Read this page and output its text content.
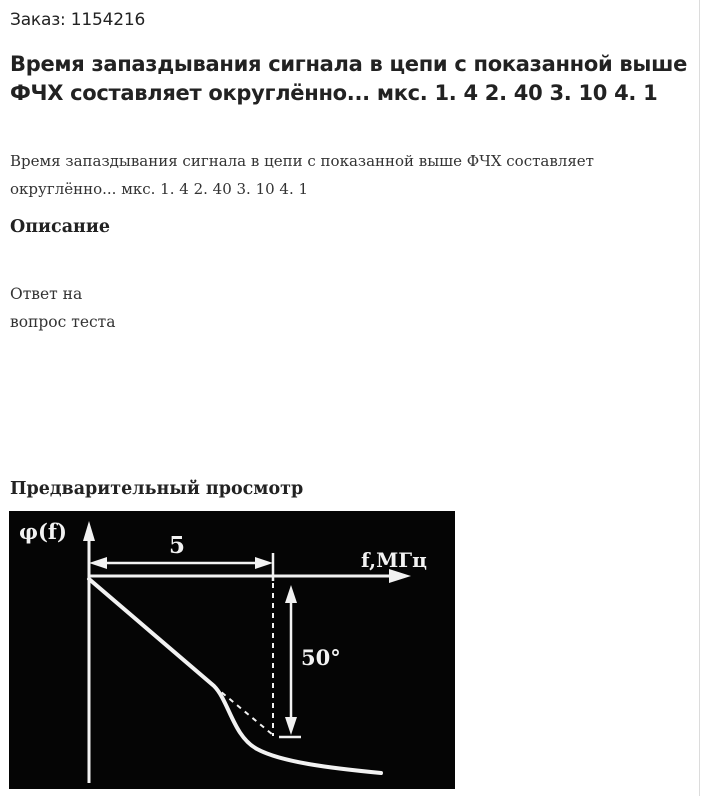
Заказ: 1154216
Время запаздывания сигнала в цепи с показанной выше ФЧХ составляет округлённо... мкс. 1. 4 2. 40 3. 10 4. 1

Время запаздывания сигнала в цепи с показанной выше ФЧХ составляет округлённо... мкс. 1. 4 2. 40 3. 10 4. 1

Описание
Ответ на
вопрос теста
Предварительный просмотр
φ(f)
f,МГц
5
50°
